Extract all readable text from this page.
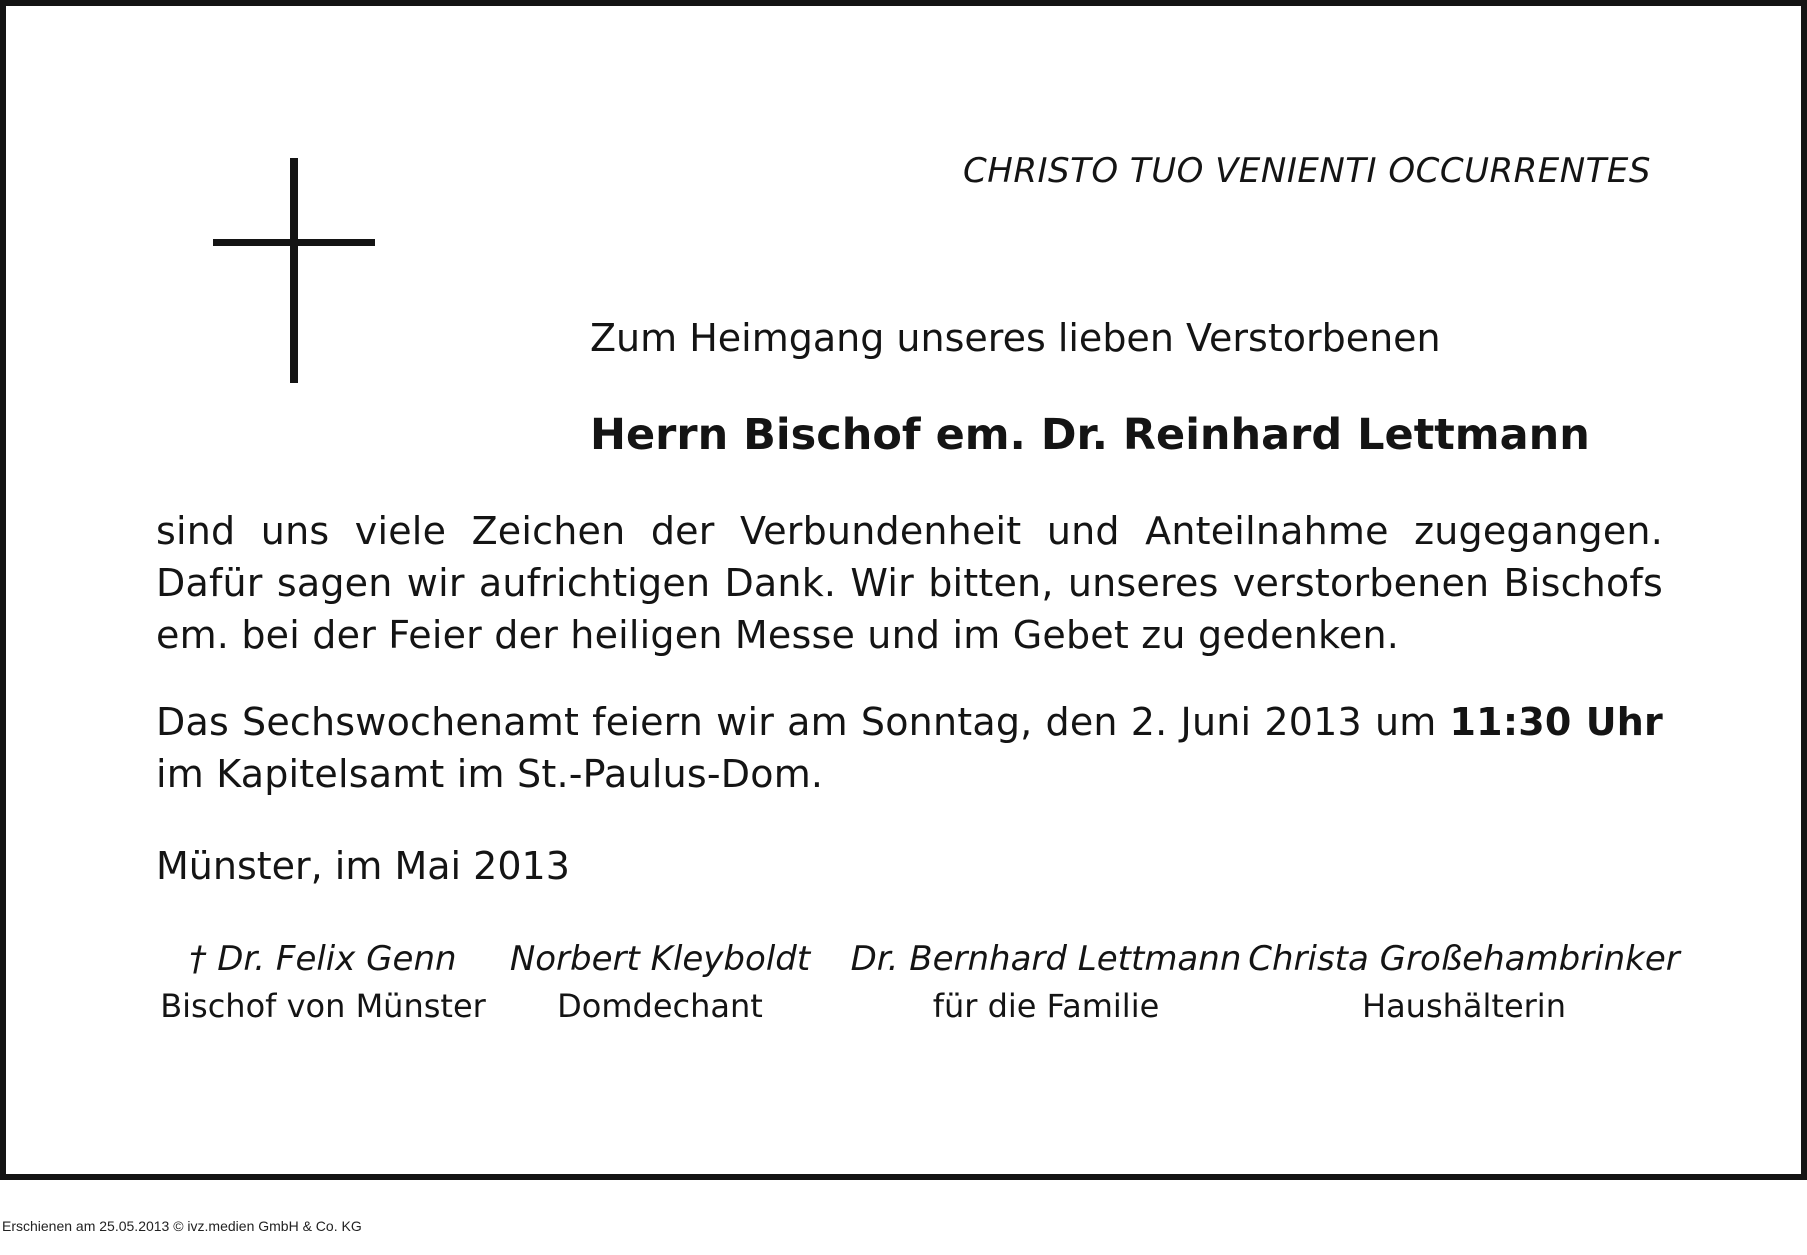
CHRISTO TUO VENIENTI OCCURRENTES
Zum Heimgang unseres lieben Verstorbenen
Herrn Bischof em. Dr. Reinhard Lettmann
sind uns viele Zeichen der Verbundenheit und Anteilnahme zugegangen. Dafür sagen wir aufrichtigen Dank. Wir bitten, unseres verstorbenen Bischofs em. bei der Feier der heiligen Messe und im Gebet zu gedenken.
Das Sechswochenamt feiern wir am Sonntag, den 2. Juni 2013 um 11:30 Uhr im Kapitelsamt im St.-Paulus-Dom.
Münster, im Mai 2013
† Dr. Felix Genn
Bischof von Münster
Norbert Kleyboldt
Domdechant
Dr. Bernhard Lettmann
für die Familie
Christa Großehambrinker
Haushälterin
Erschienen am 25.05.2013 © ivz.medien GmbH & Co. KG
